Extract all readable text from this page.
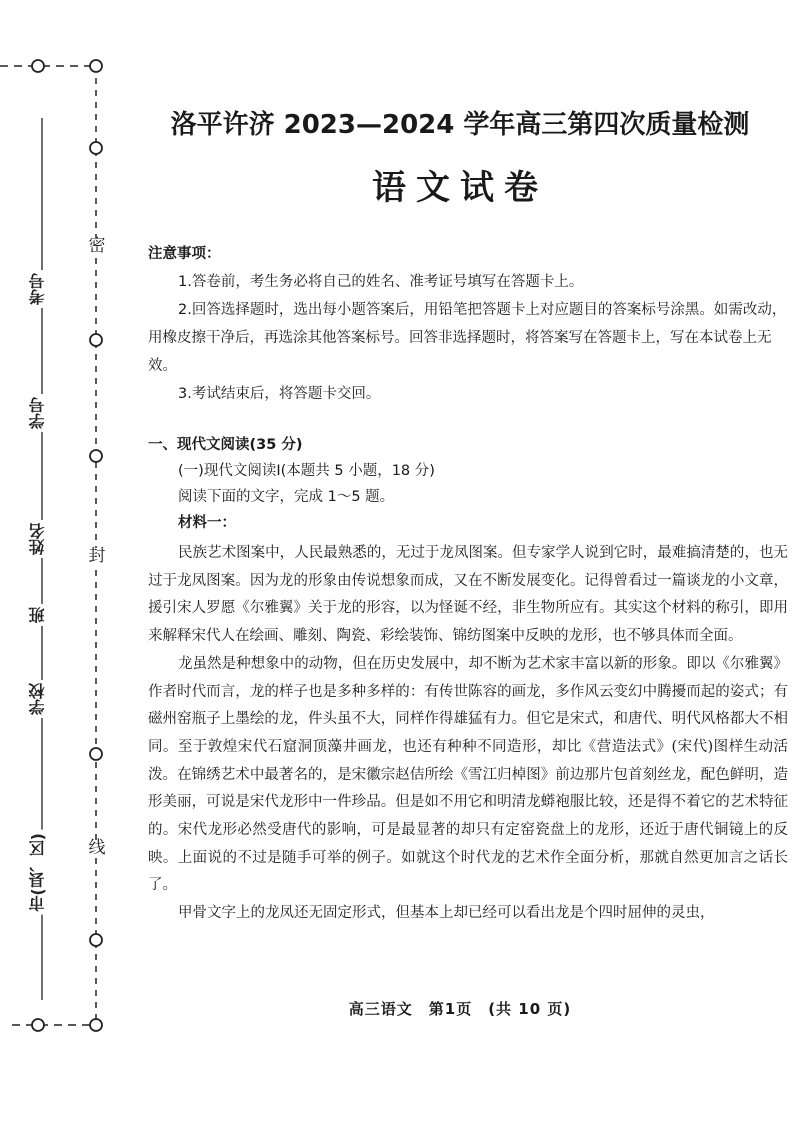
密
封
线
考号
学号
姓名
班
学校
市(县、区)
洛平许济 2023—2024 学年高三第四次质量检测
语文试卷

注意事项：

1.答卷前，考生务必将自己的姓名、准考证号填写在答题卡上。

2.回答选择题时，选出每小题答案后，用铅笔把答题卡上对应题目的答案标号涂黑。如需改动，用橡皮擦干净后，再选涂其他答案标号。回答非选择题时，将答案写在答题卡上，写在本试卷上无效。

3.考试结束后，将答题卡交回。

一、现代文阅读(35 分)

(一)现代文阅读Ⅰ(本题共 5 小题，18 分)

阅读下面的文字，完成 1～5 题。

材料一：

民族艺术图案中，人民最熟悉的，无过于龙凤图案。但专家学人说到它时，最难搞清楚的，也无过于龙凤图案。因为龙的形象由传说想象而成，又在不断发展变化。记得曾看过一篇谈龙的小文章，援引宋人罗愿《尔雅翼》关于龙的形容，以为怪诞不经，非生物所应有。其实这个材料的称引，即用来解释宋代人在绘画、雕刻、陶瓷、彩绘装饰、锦纺图案中反映的龙形，也不够具体而全面。

龙虽然是种想象中的动物，但在历史发展中，却不断为艺术家丰富以新的形象。即以《尔雅翼》作者时代而言，龙的样子也是多种多样的：有传世陈容的画龙，多作风云变幻中腾擾而起的姿式；有磁州窑瓶子上墨绘的龙，件头虽不大，同样作得雄猛有力。但它是宋式，和唐代、明代风格都大不相同。至于敦煌宋代石窟洞顶藻井画龙，也还有种种不同造形，却比《营造法式》(宋代)图样生动活泼。在锦绣艺术中最著名的，是宋徽宗赵佶所绘《雪江归棹图》前边那片包首刻丝龙，配色鲜明，造形美丽，可说是宋代龙形中一件珍品。但是如不用它和明清龙蟒袍服比较，还是得不着它的艺术特征的。宋代龙形必然受唐代的影响，可是最显著的却只有定窑瓷盘上的龙形，还近于唐代铜镜上的反映。上面说的不过是随手可举的例子。如就这个时代龙的艺术作全面分析，那就自然更加言之话长了。

甲骨文字上的龙凤还无固定形式，但基本上却已经可以看出龙是个四时屈伸的灵虫，

高三语文　第1页　(共 10 页)
